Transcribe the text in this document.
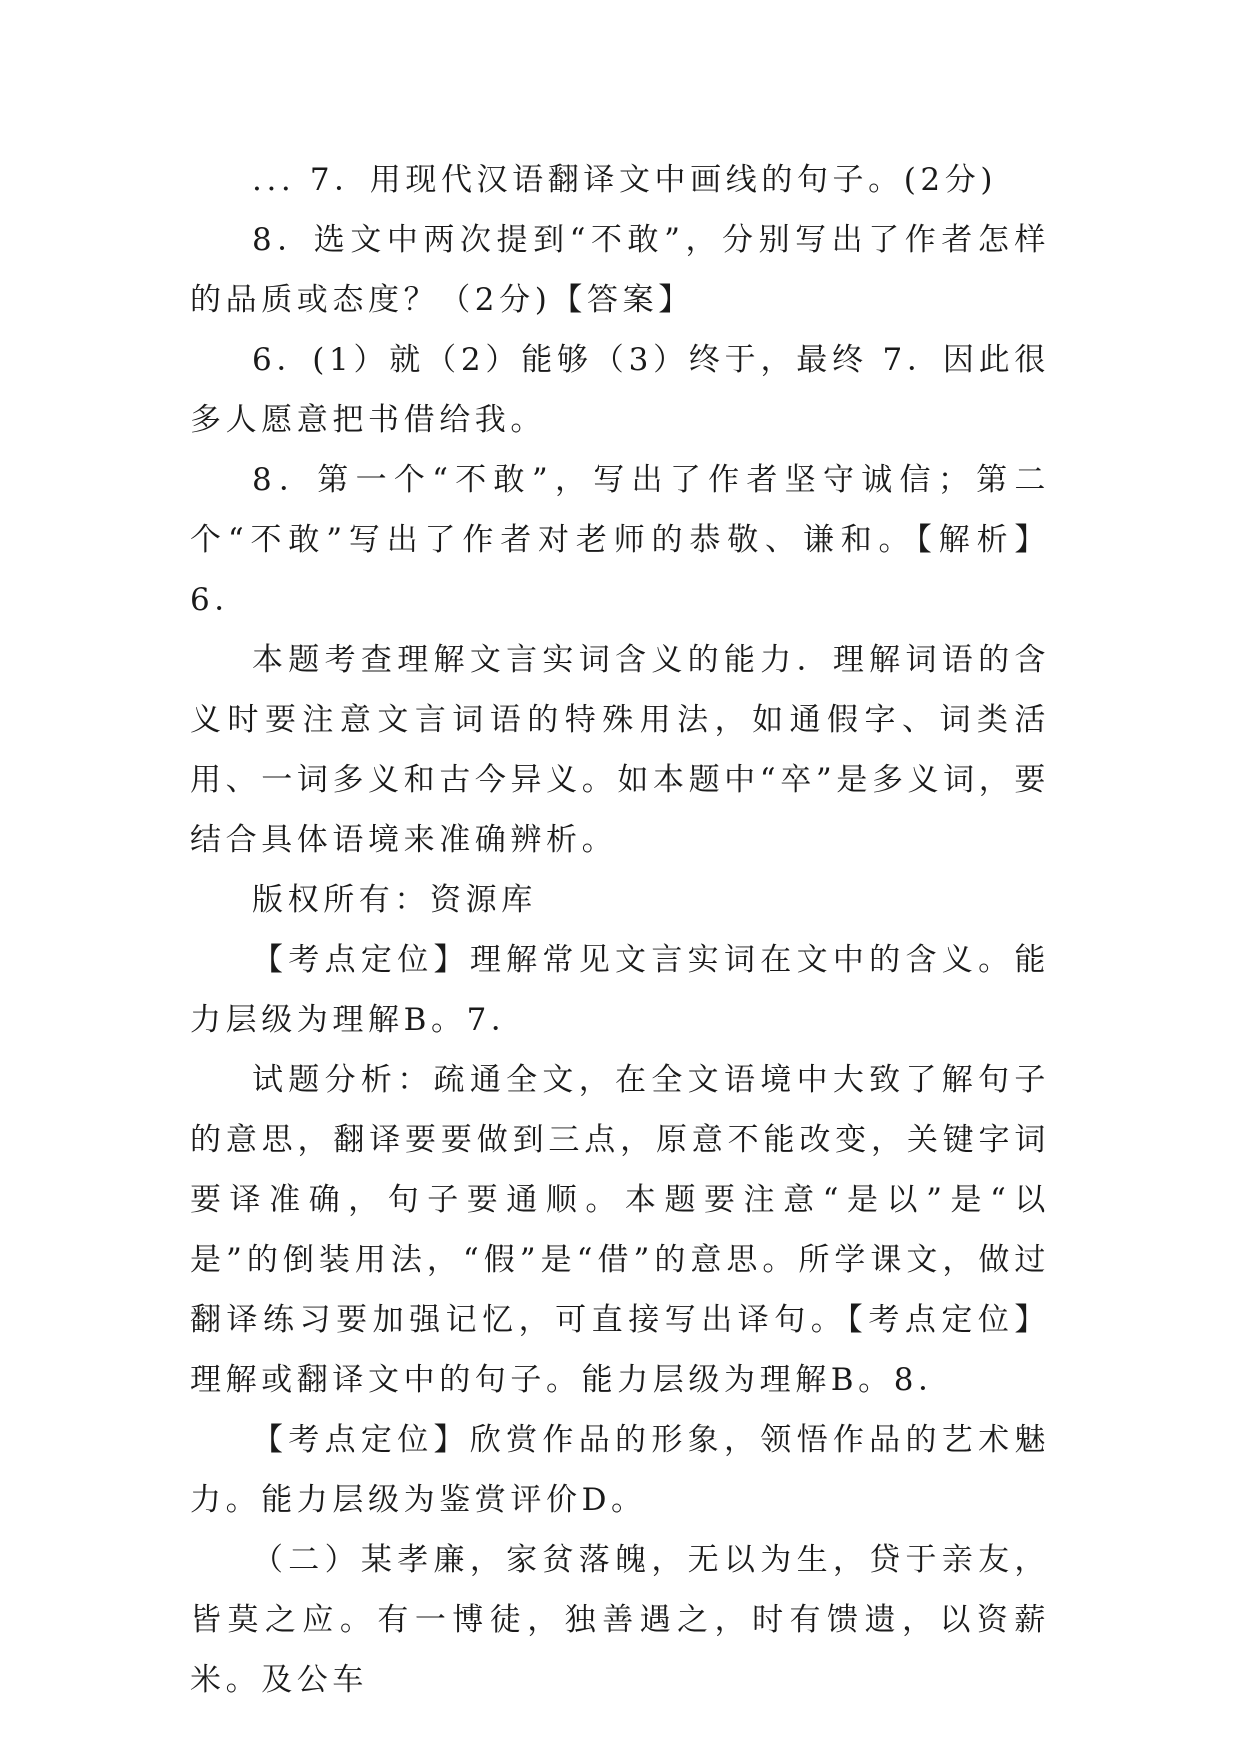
... 7．用现代汉语翻译文中画线的句子。(2分)

8．选文中两次提到“不敢”，分别写出了作者怎样的品质或态度？（2分)【答案】

6．(1）就（2）能够（3）终于，最终 7．因此很多人愿意把书借给我。

8．第一个“不敢”，写出了作者坚守诚信；第二个“不敢”写出了作者对老师的恭敬、谦和。【解析】 6．

本题考查理解文言实词含义的能力．理解词语的含义时要注意文言词语的特殊用法，如通假字、词类活用、一词多义和古今异义。如本题中“卒”是多义词，要结合具体语境来准确辨析。

版权所有：资源库

【考点定位】理解常见文言实词在文中的含义。能力层级为理解B。7．

试题分析：疏通全文，在全文语境中大致了解句子的意思，翻译要要做到三点，原意不能改变，关键字词要译准确，句子要通顺。本题要注意“是以”是“以是”的倒装用法，“假”是“借”的意思。所学课文，做过翻译练习要加强记忆，可直接写出译句。【考点定位】理解或翻译文中的句子。能力层级为理解B。8．

【考点定位】欣赏作品的形象，领悟作品的艺术魅力。能力层级为鉴赏评价D。

（二）某孝廉，家贫落魄，无以为生，贷于亲友，皆莫之应。有一博徒，独善遇之，时有馈遗，以资薪米。及公车
